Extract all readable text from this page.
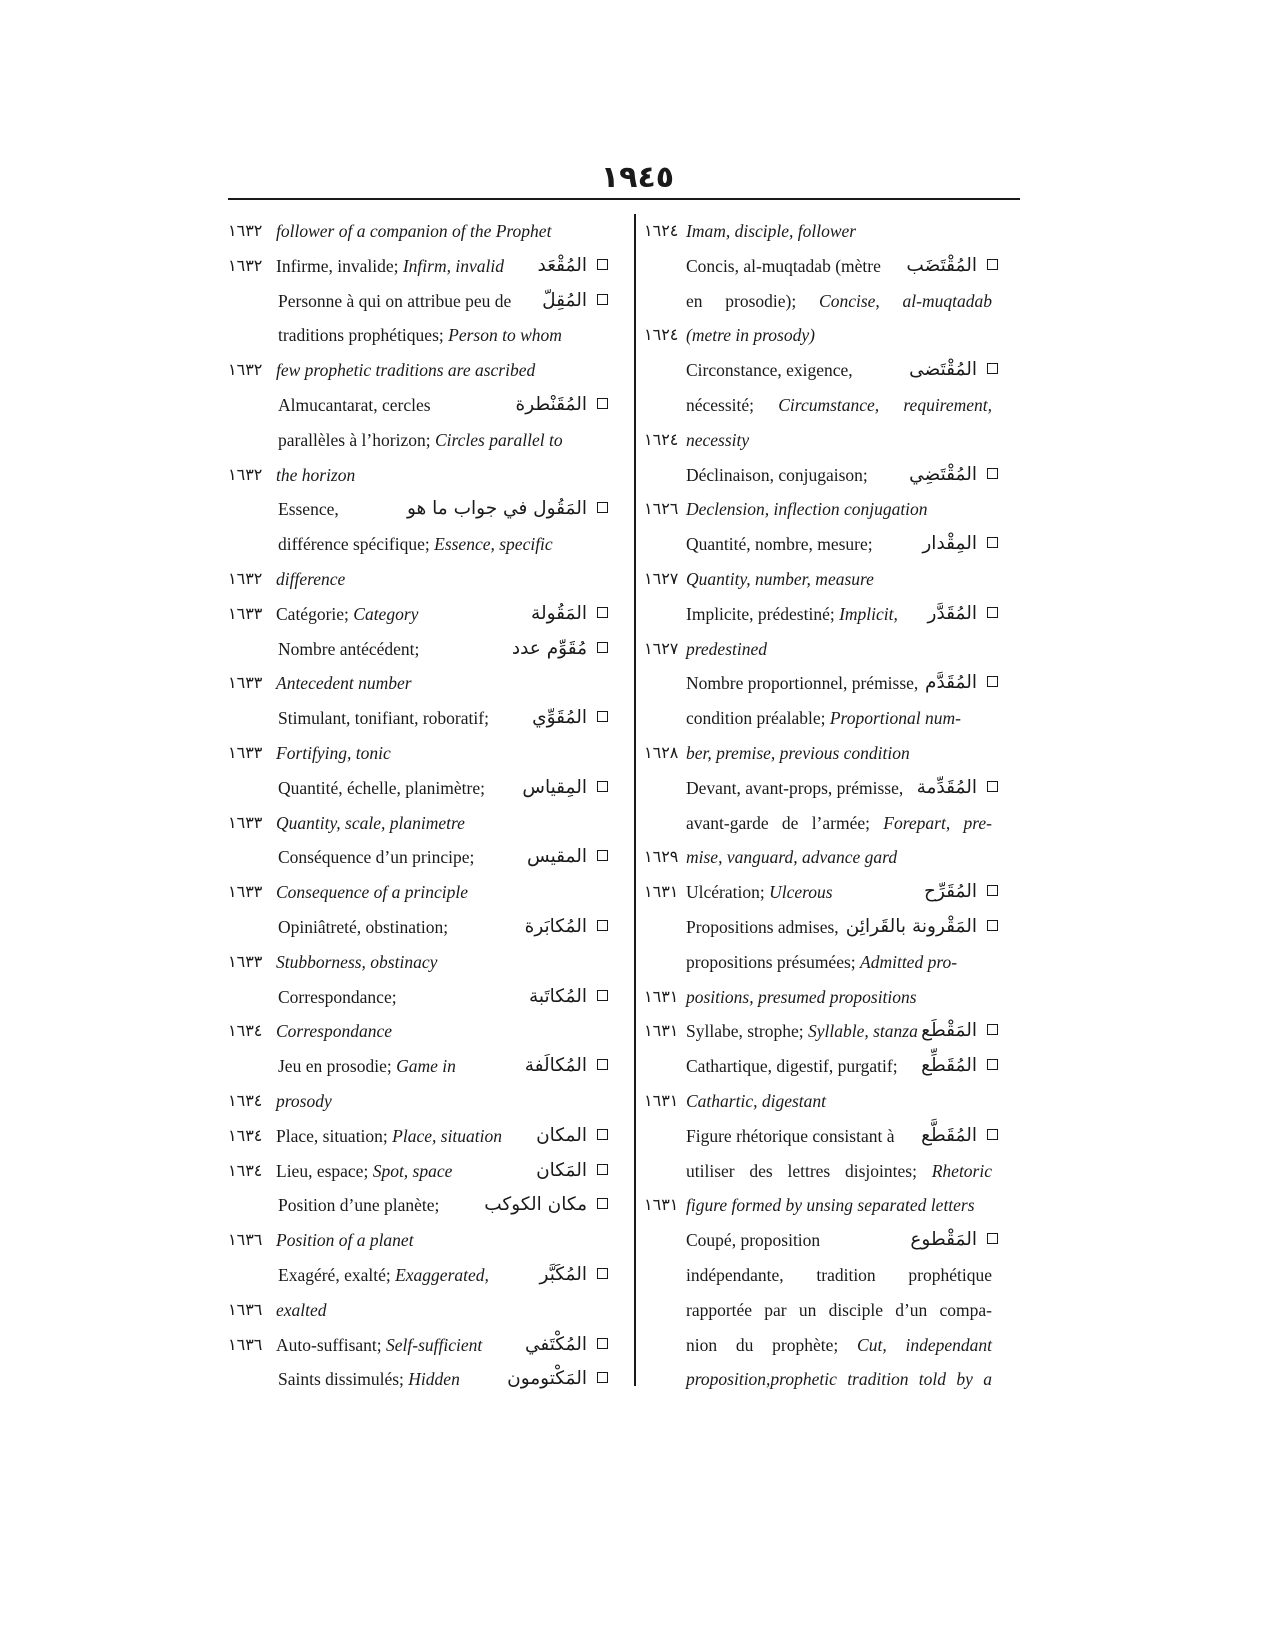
١٩٤٥
١٦٣٢ follower of a companion of the Prophet
١٦٣٢ Infirme, invalide; Infirm, invalid المُقْعَد
Personne à qui on attribue peu de المُقِلّ
traditions prophétiques; Person to whom
١٦٣٢ few prophetic traditions are ascribed
Almucantarat, cercles	المُقَنْطرة
parallèles à l’horizon; Circles parallel to
١٦٣٢ the horizon
Essence,	المَقُول في جواب ما هو
différence spécifique; Essence, specific
١٦٣٢ difference
١٦٣٣ Catégorie; Category	المَقُولة
Nombre antécédent;	مُقَوِّم عدد
١٦٣٣ Antecedent number
Stimulant, tonifiant, roboratif; المُقَوِّي
١٦٣٣ Fortifying, tonic
Quantité, échelle, planimètre; المِقياس
١٦٣٣ Quantity, scale, planimetre
Conséquence d’un principe;	المقيس
١٦٣٣ Consequence of a principle
Opiniâtreté, obstination;	المُكابَرة
١٦٣٣ Stubborness, obstinacy
Correspondance;	المُكاتَبة
١٦٣٤ Correspondance
Jeu en prosodie; Game in	المُكالَفة
١٦٣٤ prosody
١٦٣٤ Place, situation; Place, situation المكان
١٦٣٤ Lieu, espace; Spot, space	المَكان
Position d’une planète; مكان الكوكب
١٦٣٦ Position of a planet
Exagéré, exalté; Exaggerated,	المُكَبَّر
١٦٣٦ exalted
١٦٣٦ Auto-suffisant; Self-sufficient المُكْتَفي
Saints dissimulés; Hidden	المَكْتومون
١٦٢٤ Imam, disciple, follower
Concis, al-muqtadab (mètre المُقْتَضَب
en prosodie); Concise, al-muqtadab
١٦٢٤ (metre in prosody)
Circonstance, exigence,	المُقْتَضى
nécessité; Circumstance, requirement,
١٦٢٤ necessity
Déclinaison, conjugaison; المُقْتَضِي
١٦٢٦ Declension, inflection conjugation
Quantité, nombre, mesure;	المِقْدار
١٦٢٧ Quantity, number, measure
Implicite, prédestiné; Implicit, المُقَدَّر
١٦٢٧ predestined
Nombre proportionnel, prémisse, المُقَدَّم
condition préalable; Proportional num-
١٦٢٨ ber, premise, previous condition
Devant, avant-props, prémisse, المُقَدِّمة
avant-garde de l’armée; Forepart, pre-
١٦٢٩ mise, vanguard, advance gard
١٦٣١ Ulcération; Ulcerous	المُقَرِّح
Propositions admises, المَقْرونة بالقَرائِن
propositions présumées; Admitted pro-
١٦٣١ positions, presumed propositions
١٦٣١ Syllabe, strophe; Syllable, stanza المَقْطَع
Cathartique, digestif, purgatif; المُقَطِّع
١٦٣١ Cathartic, digestant
Figure rhétorique consistant à المُقَطَّع
utiliser des lettres disjointes; Rhetoric
١٦٣١ figure formed by unsing separated letters
Coupé, proposition	المَقْطوع
indépendante, tradition prophétique
rapportée par un disciple d’un compa-
nion du prophète; Cut, independant
proposition,prophetic tradition told by a
